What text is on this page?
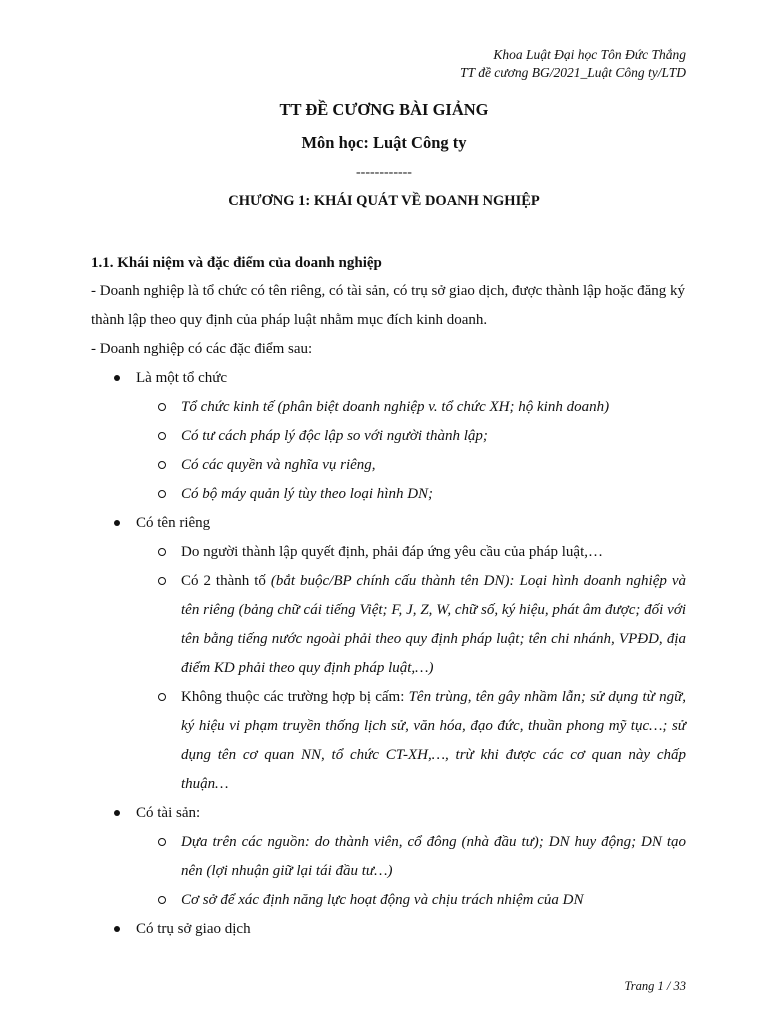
Khoa Luật Đại học Tôn Đức Thắng
TT đề cương BG/2021_Luật Công ty/LTD
TT ĐỀ CƯƠNG BÀI GIẢNG
Môn học: Luật Công ty
------------
CHƯƠNG 1: KHÁI QUÁT VỀ DOANH NGHIỆP
1.1. Khái niệm và đặc điểm của doanh nghiệp
- Doanh nghiệp là tổ chức có tên riêng, có tài sản, có trụ sở giao dịch, được thành lập hoặc đăng ký thành lập theo quy định của pháp luật nhằm mục đích kinh doanh.
- Doanh nghiệp có các đặc điểm sau:
Là một tổ chức
Tổ chức kinh tế (phân biệt doanh nghiệp v. tổ chức XH; hộ kinh doanh)
Có tư cách pháp lý độc lập so với người thành lập;
Có các quyền và nghĩa vụ riêng,
Có bộ máy quản lý tùy theo loại hình DN;
Có tên riêng
Do người thành lập quyết định, phải đáp ứng yêu cầu của pháp luật,…
Có 2 thành tố (bắt buộc/BP chính cấu thành tên DN): Loại hình doanh nghiệp và tên riêng (bảng chữ cái tiếng Việt; F, J, Z, W, chữ số, ký hiệu, phát âm được; đối với tên bằng tiếng nước ngoài phải theo quy định pháp luật; tên chi nhánh, VPĐD, địa điểm KD phải theo quy định pháp luật,…)
Không thuộc các trường hợp bị cấm: Tên trùng, tên gây nhầm lẫn; sử dụng từ ngữ, ký hiệu vi phạm truyền thống lịch sử, văn hóa, đạo đức, thuần phong mỹ tục…; sử dụng tên cơ quan NN, tổ chức CT-XH,…, trừ khi được các cơ quan này chấp thuận…
Có tài sản:
Dựa trên các nguồn: do thành viên, cổ đông (nhà đầu tư); DN huy động; DN tạo nên (lợi nhuận giữ lại tái đầu tư…)
Cơ sở để xác định năng lực hoạt động và chịu trách nhiệm của DN
Có trụ sở giao dịch
Trang 1 / 33
